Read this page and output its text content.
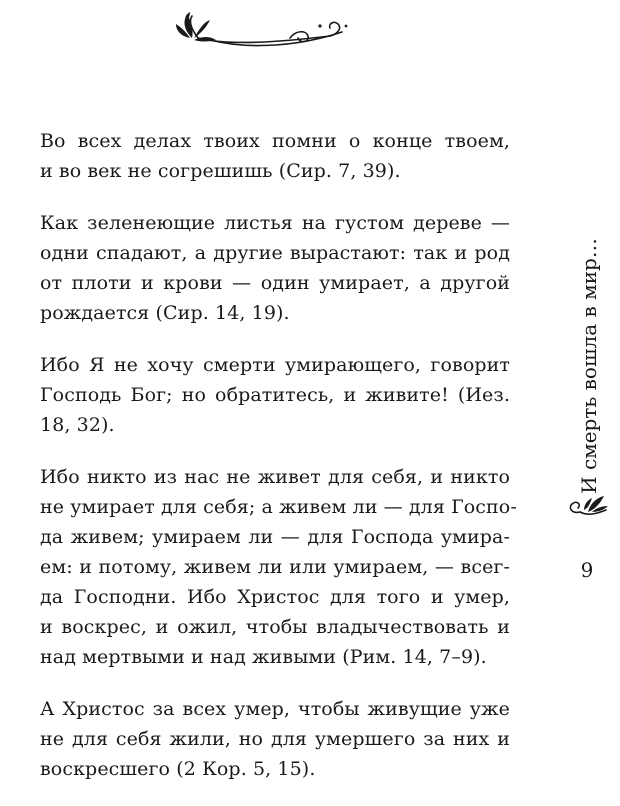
Во всех делах твоих помни о конце твоем,
и во век не согрешишь (Сир. 7, 39).

Как зеленеющие листья на густом дереве —
одни спадают, а другие вырастают: так и род
от плоти и крови — один умирает, а другой
рождается (Сир. 14, 19).

Ибо Я не хочу смерти умирающего, говорит
Господь Бог; но обратитесь, и живите! (Иез.
18, 32).

Ибо никто из нас не живет для себя, и никто
не умирает для себя; а живем ли — для Госпо-
да живем; умираем ли — для Господа умира-
ем: и потому, живем ли или умираем, — всег-
да Господни. Ибо Христос для того и умер,
и воскрес, и ожил, чтобы владычествовать и
над мертвыми и над живыми (Рим. 14, 7–9).

А Христос за всех умер, чтобы живущие уже
не для себя жили, но для умершего за них и
воскресшего (2 Кор. 5, 15).

И смерть вошла в мир…
9
